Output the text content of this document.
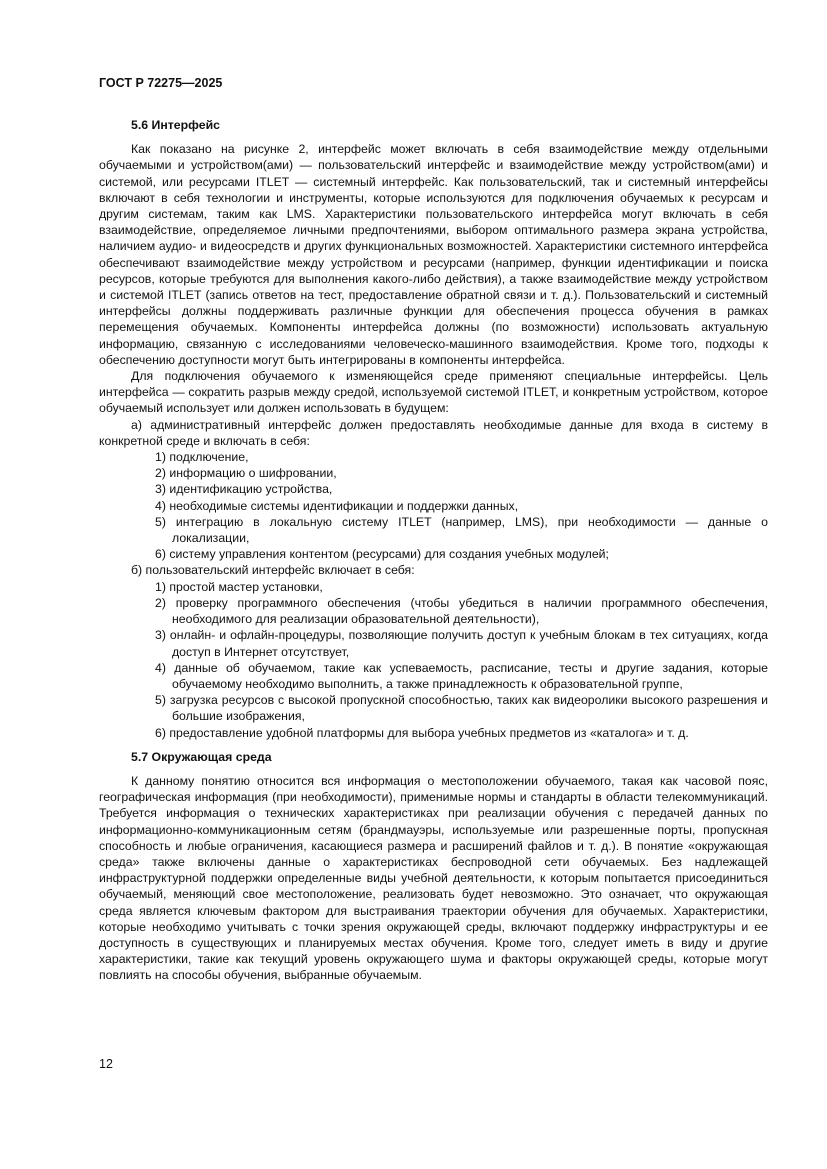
ГОСТ Р 72275—2025
5.6 Интерфейс

Как показано на рисунке 2, интерфейс может включать в себя взаимодействие между отдельными обучаемыми и устройством(ами) — пользовательский интерфейс и взаимодействие между устройством(ами) и системой, или ресурсами ITLET — системный интерфейс. Как пользовательский, так и системный интерфейсы включают в себя технологии и инструменты, которые используются для подключения обучаемых к ресурсам и другим системам, таким как LMS. Характеристики пользовательского интерфейса могут включать в себя взаимодействие, определяемое личными предпочтениями, выбором оптимального размера экрана устройства, наличием аудио- и видеосредств и других функциональных возможностей. Характеристики системного интерфейса обеспечивают взаимодействие между устройством и ресурсами (например, функции идентификации и поиска ресурсов, которые требуются для выполнения какого-либо действия), а также взаимодействие между устройством и системой ITLET (запись ответов на тест, предоставление обратной связи и т. д.). Пользовательский и системный интерфейсы должны поддерживать различные функции для обеспечения процесса обучения в рамках перемещения обучаемых. Компоненты интерфейса должны (по возможности) использовать актуальную информацию, связанную с исследованиями человеческо-машинного взаимодействия. Кроме того, подходы к обеспечению доступности могут быть интегрированы в компоненты интерфейса.

Для подключения обучаемого к изменяющейся среде применяют специальные интерфейсы. Цель интерфейса — сократить разрыв между средой, используемой системой ITLET, и конкретным устройством, которое обучаемый использует или должен использовать в будущем:

а) административный интерфейс должен предоставлять необходимые данные для входа в систему в конкретной среде и включать в себя:

1) подключение,

2) информацию о шифровании,

3) идентификацию устройства,

4) необходимые системы идентификации и поддержки данных,

5) интеграцию в локальную систему ITLET (например, LMS), при необходимости — данные о локализации,

6) систему управления контентом (ресурсами) для создания учебных модулей;

б) пользовательский интерфейс включает в себя:

1) простой мастер установки,

2) проверку программного обеспечения (чтобы убедиться в наличии программного обеспечения, необходимого для реализации образовательной деятельности),

3) онлайн- и офлайн-процедуры, позволяющие получить доступ к учебным блокам в тех ситуациях, когда доступ в Интернет отсутствует,

4) данные об обучаемом, такие как успеваемость, расписание, тесты и другие задания, которые обучаемому необходимо выполнить, а также принадлежность к образовательной группе,

5) загрузка ресурсов с высокой пропускной способностью, таких как видеоролики высокого разрешения и большие изображения,

6) предоставление удобной платформы для выбора учебных предметов из «каталога» и т. д.

5.7 Окружающая среда

К данному понятию относится вся информация о местоположении обучаемого, такая как часовой пояс, географическая информация (при необходимости), применимые нормы и стандарты в области телекоммуникаций. Требуется информация о технических характеристиках при реализации обучения с передачей данных по информационно-коммуникационным сетям (брандмауэры, используемые или разрешенные порты, пропускная способность и любые ограничения, касающиеся размера и расширений файлов и т. д.). В понятие «окружающая среда» также включены данные о характеристиках беспроводной сети обучаемых. Без надлежащей инфраструктурной поддержки определенные виды учебной деятельности, к которым попытается присоединиться обучаемый, меняющий свое местоположение, реализовать будет невозможно. Это означает, что окружающая среда является ключевым фактором для выстраивания траектории обучения для обучаемых. Характеристики, которые необходимо учитывать с точки зрения окружающей среды, включают поддержку инфраструктуры и ее доступность в существующих и планируемых местах обучения. Кроме того, следует иметь в виду и другие характеристики, такие как текущий уровень окружающего шума и факторы окружающей среды, которые могут повлиять на способы обучения, выбранные обучаемым.

12
